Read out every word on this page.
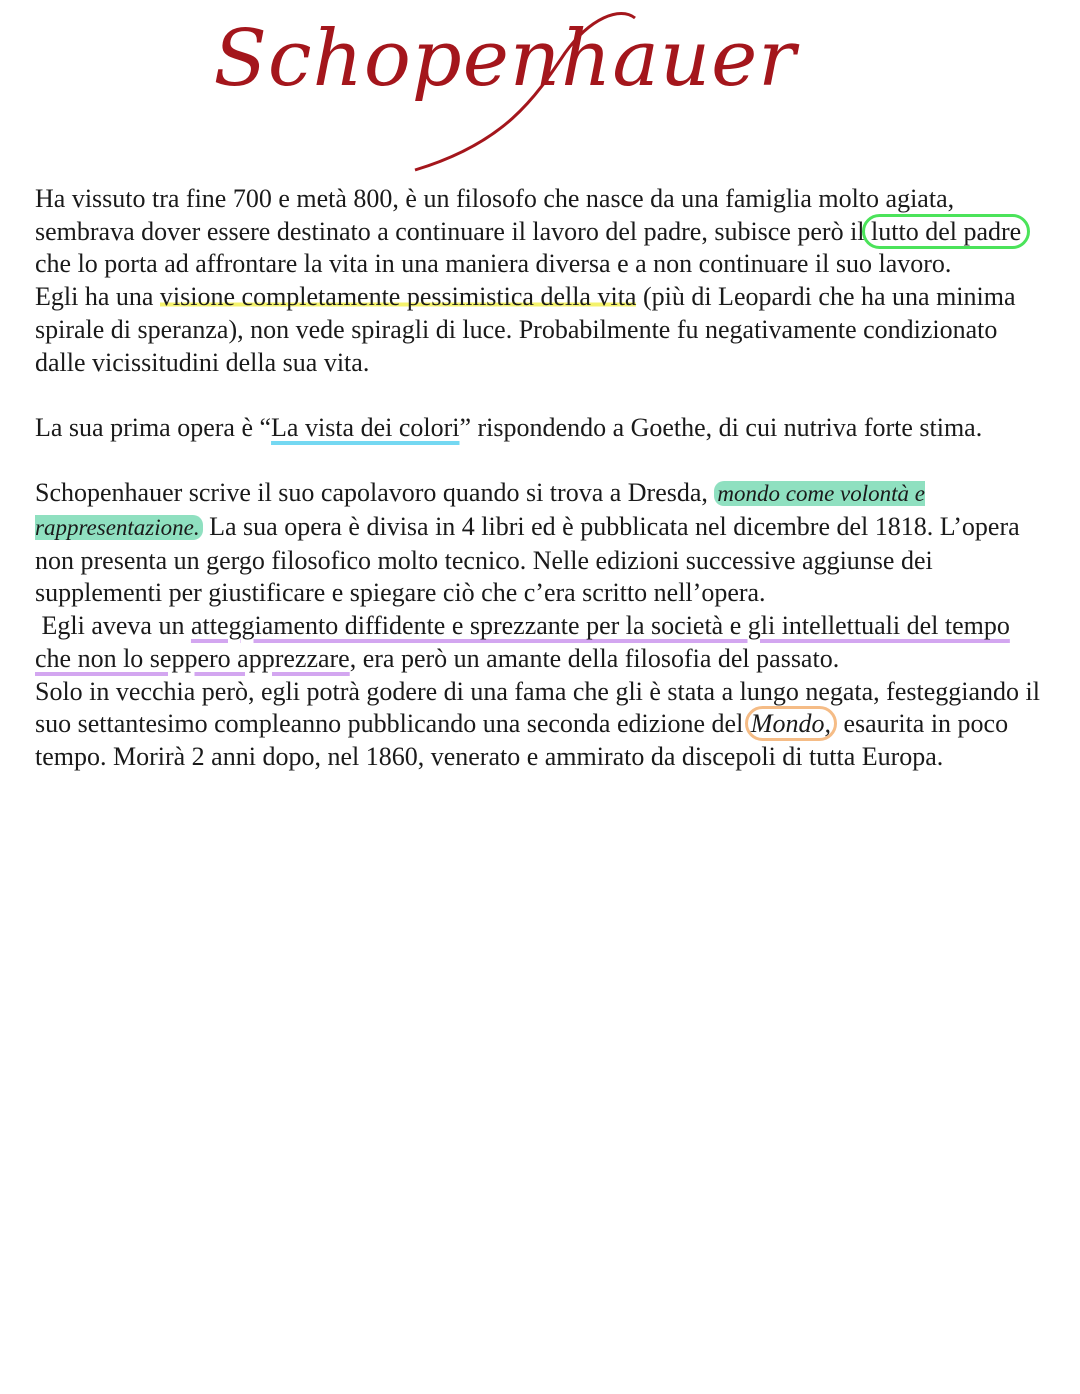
Schopenhauer

Ha vissuto tra fine 700 e metà 800, è un filosofo che nasce da una famiglia molto agiata, sembrava dover essere destinato a continuare il lavoro del padre, subisce però il lutto del padre che lo porta ad affrontare la vita in una maniera diversa e a non continuare il suo lavoro.

Egli ha una visione completamente pessimistica della vita (più di Leopardi che ha una minima spirale di speranza), non vede spiragli di luce. Probabilmente fu negativamente condizionato dalle vicissitudini della sua vita.

La sua prima opera è “La vista dei colori” rispondendo a Goethe, di cui nutriva forte stima.

Schopenhauer scrive il suo capolavoro quando si trova a Dresda, mondo come volontà e rappresentazione. La sua opera è divisa in 4 libri ed è pubblicata nel dicembre del 1818. L’opera non presenta un gergo filosofico molto tecnico. Nelle edizioni successive aggiunse dei supplementi per giustificare e spiegare ciò che c’era scritto nell’opera.

Egli aveva un atteggiamento diffidente e sprezzante per la società e gli intellettuali del tempo che non lo seppero apprezzare, era però un amante della filosofia del passato.

Solo in vecchia però, egli potrà godere di una fama che gli è stata a lungo negata, festeggiando il suo settantesimo compleanno pubblicando una seconda edizione del Mondo, esaurita in poco tempo. Morirà 2 anni dopo, nel 1860, venerato e ammirato da discepoli di tutta Europa.
